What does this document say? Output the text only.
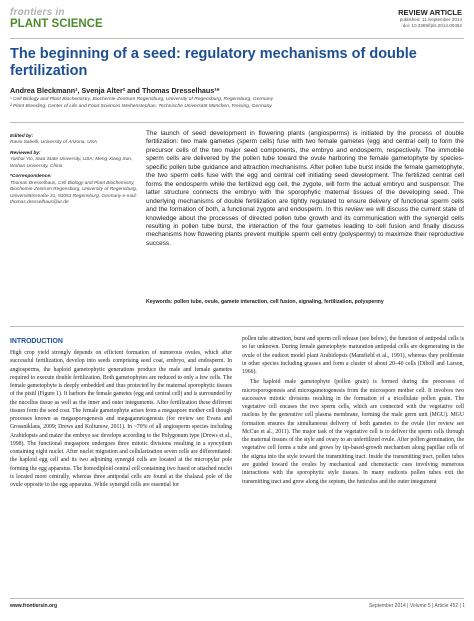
frontiers in
PLANT SCIENCE
REVIEW ARTICLE
published: 11 September 2014
doi: 10.3389/fpls.2014.00452
The beginning of a seed: regulatory mechanisms of double fertilization
Andrea Bleckmann¹, Svenja Alter² and Thomas Dresselhaus¹*
¹ Cell Biology and Plant Biochemistry, Biochemie-Zentrum Regensburg, University of Regensburg, Regensburg, Germany
² Plant Breeding, Center of Life and Food Sciences Weihenstephan, Technische Universität München, Freising, Germany
Edited by:
Ravio Sabelli, University of Arizona, USA
Reviewed by:
Yanhai Yin, Iowa State University, USA; Meng-Xiang Sun, Wuhan University, China
*Correspondence:
Thomas Dresselhaus, Cell Biology and Plant Biochemistry, Biochemie-Zentrum Regensburg, University of Regensburg, Universitätsstraße 31, 93053 Regensburg, Germany e-mail: thomas.dresselhaus@ur.de
The launch of seed development in flowering plants (angiosperms) is initiated by the process of double fertilization: two male gametes (sperm cells) fuse with two female gametes (egg and central cell) to form the precursor cells of the two major seed components, the embryo and endosperm, respectively. The immobile sperm cells are delivered by the pollen tube toward the ovule harboring the female gametophyte by species-specific pollen tube guidance and attraction mechanisms. After pollen tube burst inside the female gametophyte, the two sperm cells fuse with the egg and central cell initiating seed development. The fertilized central cell forms the endosperm while the fertilized egg cell, the zygote, will form the actual embryo and suspensor. The latter structure connects the embryo with the sporophytic maternal tissues of the developing seed. The underlying mechanisms of double fertilization are tightly regulated to ensure delivery of functional sperm cells and the formation of both, a functional zygote and endosperm. In this review we will discuss the current state of knowledge about the processes of directed pollen tube growth and its communication with the synergid cells resulting in pollen tube burst, the interaction of the four gametes leading to cell fusion and finally discuss mechanisms how flowering plants prevent multiple sperm cell entry (polyspermy) to maximize their reproductive success.
Keywords: pollen tube, ovule, gamete interaction, cell fusion, signaling, fertilization, polyspermy
INTRODUCTION

High crop yield strongly depends on efficient formation of numerous ovules, which after successful fertilization, develop into seeds comprising seed coat, embryo, and endosperm. In angiosperms, the haploid gametophytic generations produce the male and female gametes required to execute double fertilization. Both gametophytes are reduced to only a few cells. The female gametophyte is deeply embedded and thus protected by the maternal sporophytic tissues of the pistil (Figure 1). It harbors the female gametes (egg and central cell) and is surrounded by the nucellus tissue as well as the inner and outer integuments. After fertilization these different tissues form the seed coat. The female gametophyte arises from a megaspore mother cell though processes known as megasporogenesis and megagametogenesis (for review see Evans and Grossniklaus, 2009; Drews and Koltunow, 2011). In ~70% of all angiosperm species including Arabidopsis and maize the embryo sac develops according to the Polygonum type (Drews et al., 1998). The functional megaspore undergoes three mitotic divisions resulting in a syncytium containing eight nuclei. After nuclei migration and cellularization seven cells are differentiated: the haploid egg cell and its two adjoining synergid cells are located at the micropylar pole forming the egg apparatus. The homodiploid central cell containing two fused or attached nuclei is located more centrally, whereas three antipodal cells are found at the chalazal pole of the ovule opposite to the egg apparatus. While synergid cells are essential for

pollen tube attraction, burst and sperm cell release (see below), the function of antipodal cells is so far unknown. During female gametophyte maturation antipodal cells are degenerating in the ovule of the eudicot model plant Arabidopsis (Mansfield et al., 1991), whereas they proliferate in other species including grasses and form a cluster of about 20–40 cells (Diboll and Larson, 1966).

The haploid male gametophyte (pollen grain) is formed during the processes of microsporogenesis and microgametogenesis from the microspore mother cell. It involves two successive mitotic divisions resulting in the formation of a tricellulate pollen grain. The vegetative cell encases the two sperm cells, which are connected with the vegetative cell nucleus by the generative cell plasma membrane, forming the male germ unit (MGU). MGU formation ensures the simultaneous delivery of both gametes to the ovule (for review see McCue et al., 2011). The major task of the vegetative cell is to deliver the sperm cells through the maternal tissues of the style and ovary to an unfertilized ovule. After pollen germination, the vegetative cell forms a tube and grows by tip-based-growth mechanism along papillae cells of the stigma into the style toward the transmitting tract. Inside the transmitting tract, pollen tubes are guided toward the ovules by mechanical and chemotactic cues involving numerous interactions with the sporophytic style tissues. In many eudicots pollen tubes exit the transmitting tract and grow along the septum, the funiculus and the outer integument

www.frontiersin.org	September 2014 | Volume 5 | Article 452 | 1
